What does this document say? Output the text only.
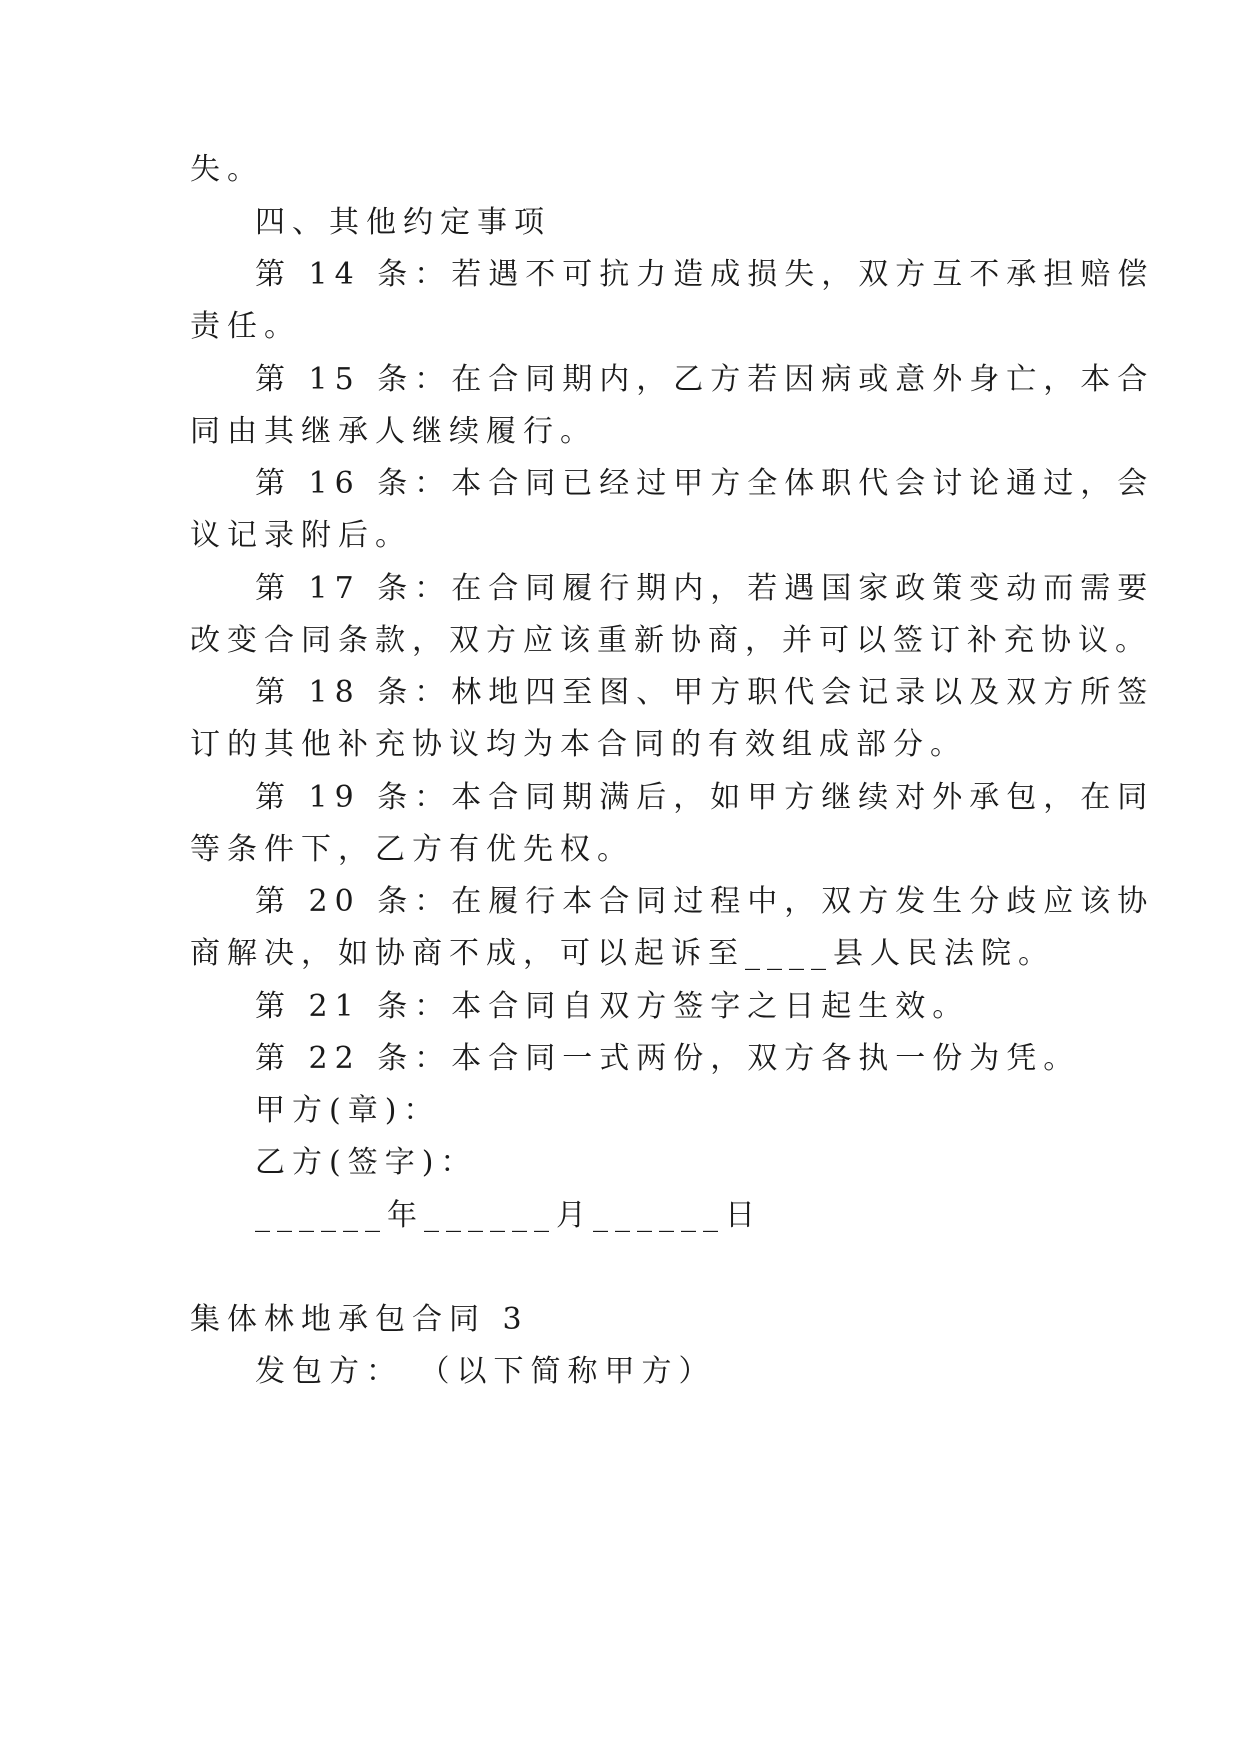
失。
四、其他约定事项
第 14 条：若遇不可抗力造成损失，双方互不承担赔偿
责任。
第 15 条：在合同期内，乙方若因病或意外身亡，本合
同由其继承人继续履行。
第 16 条：本合同已经过甲方全体职代会讨论通过，会
议记录附后。
第 17 条：在合同履行期内，若遇国家政策变动而需要
改变合同条款，双方应该重新协商，并可以签订补充协议。
第 18 条：林地四至图、甲方职代会记录以及双方所签
订的其他补充协议均为本合同的有效组成部分。
第 19 条：本合同期满后，如甲方继续对外承包，在同
等条件下，乙方有优先权。
第 20 条：在履行本合同过程中，双方发生分歧应该协
商解决，如协商不成，可以起诉至____县人民法院。
第 21 条：本合同自双方签字之日起生效。
第 22 条：本合同一式两份，双方各执一份为凭。
甲方(章)：
乙方(签字)：
______年______月______日
集体林地承包合同 3
发包方： （以下简称甲方）
